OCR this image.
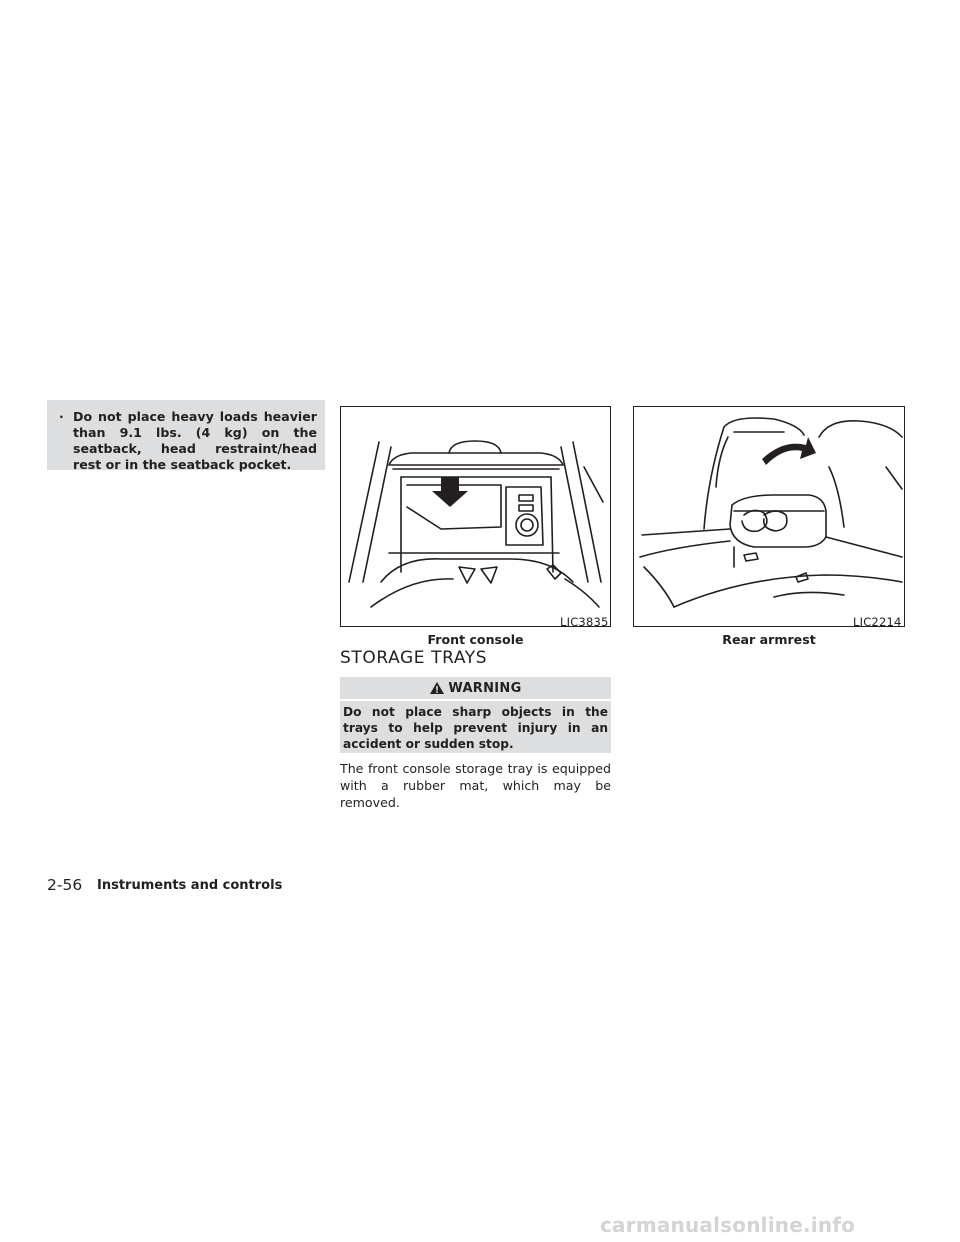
· Do not place heavy loads heavier than 9.1 lbs. (4 kg) on the seatback, head restraint/head rest or in the seatback pocket.
LIC3835
Front console
LIC2214
Rear armrest
STORAGE TRAYS
WARNING
Do not place sharp objects in the trays to help prevent injury in an accident or sudden stop.
The front console storage tray is equipped with a rubber mat, which may be removed.
2-56 Instruments and controls
carmanualsonline.info
